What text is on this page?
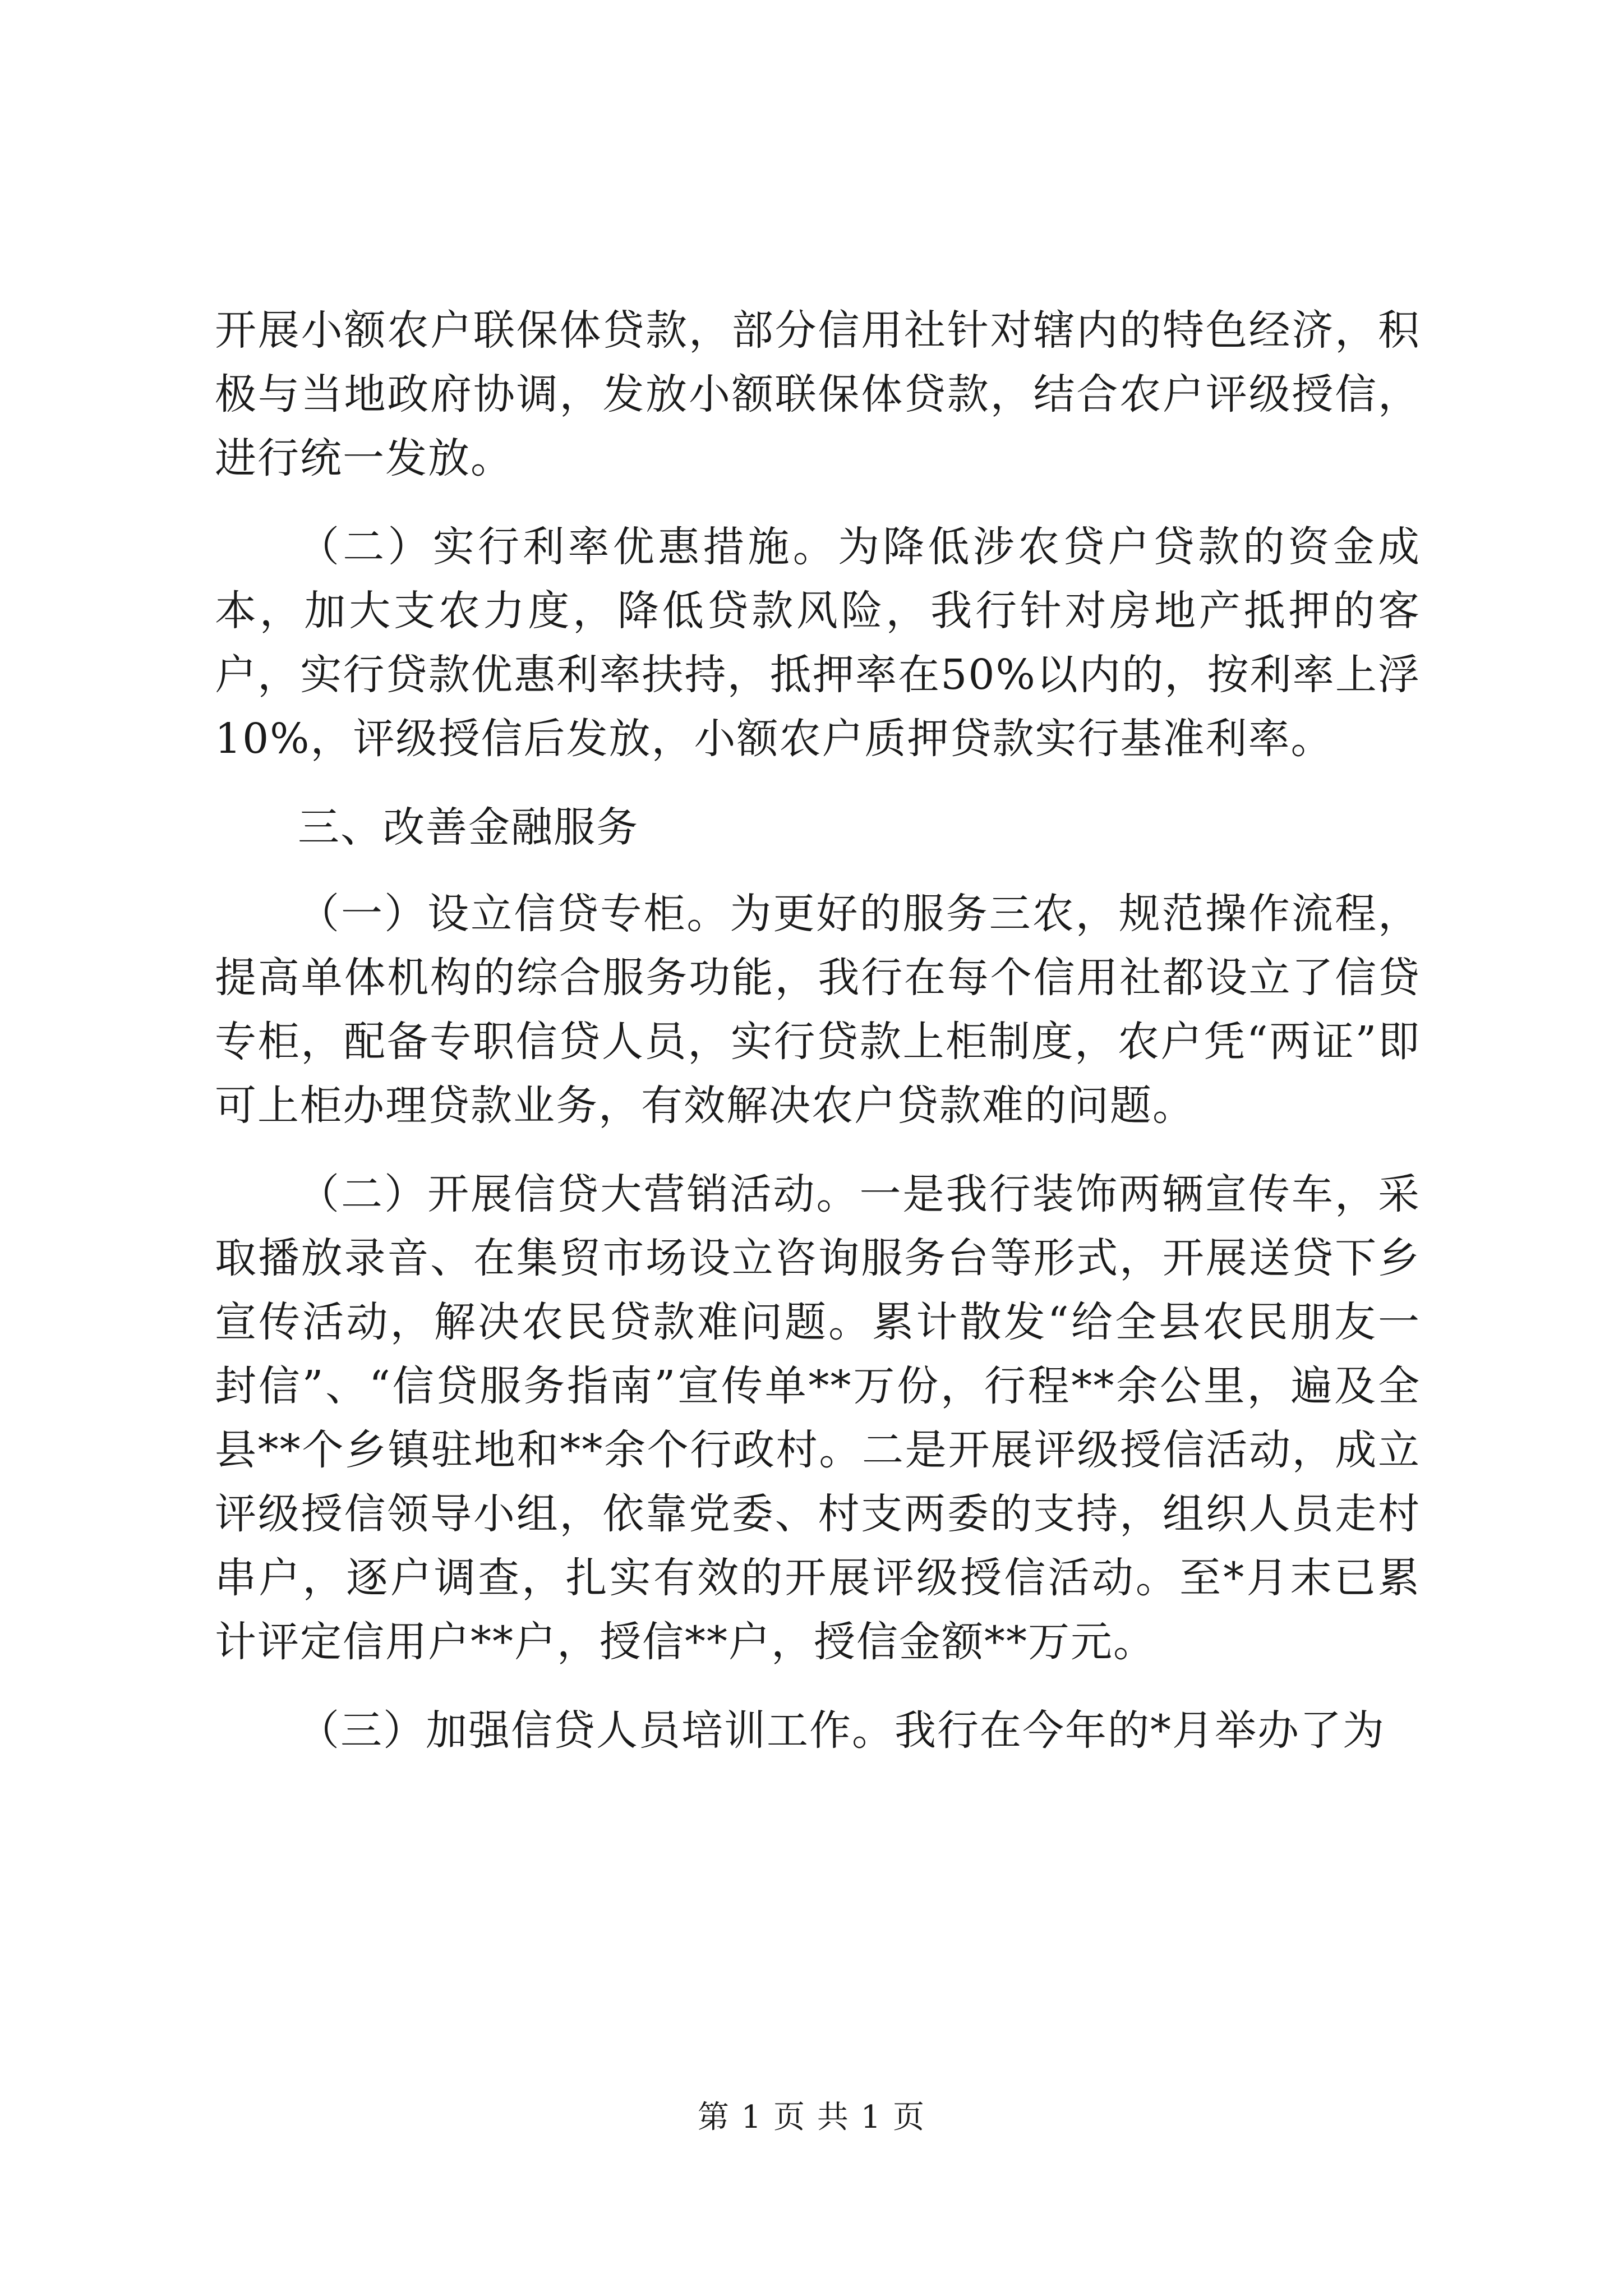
开展小额农户联保体贷款，部分信用社针对辖内的特色经济，积极与当地政府协调，发放小额联保体贷款，结合农户评级授信，进行统一发放。

（二）实行利率优惠措施。为降低涉农贷户贷款的资金成本，加大支农力度，降低贷款风险，我行针对房地产抵押的客户，实行贷款优惠利率扶持，抵押率在50%以内的，按利率上浮10%，评级授信后发放，小额农户质押贷款实行基准利率。

三、改善金融服务

（一）设立信贷专柜。为更好的服务三农，规范操作流程，提高单体机构的综合服务功能，我行在每个信用社都设立了信贷专柜，配备专职信贷人员，实行贷款上柜制度，农户凭“两证”即可上柜办理贷款业务，有效解决农户贷款难的问题。

（二）开展信贷大营销活动。一是我行装饰两辆宣传车，采取播放录音、在集贸市场设立咨询服务台等形式，开展送贷下乡宣传活动，解决农民贷款难问题。累计散发“给全县农民朋友一封信”、“信贷服务指南”宣传单**万份，行程**余公里，遍及全县**个乡镇驻地和**余个行政村。二是开展评级授信活动，成立评级授信领导小组，依靠党委、村支两委的支持，组织人员走村串户，逐户调查，扎实有效的开展评级授信活动。至*月末已累计评定信用户**户，授信**户，授信金额**万元。

（三）加强信贷人员培训工作。我行在今年的*月举办了为

第 1 页 共 1 页
